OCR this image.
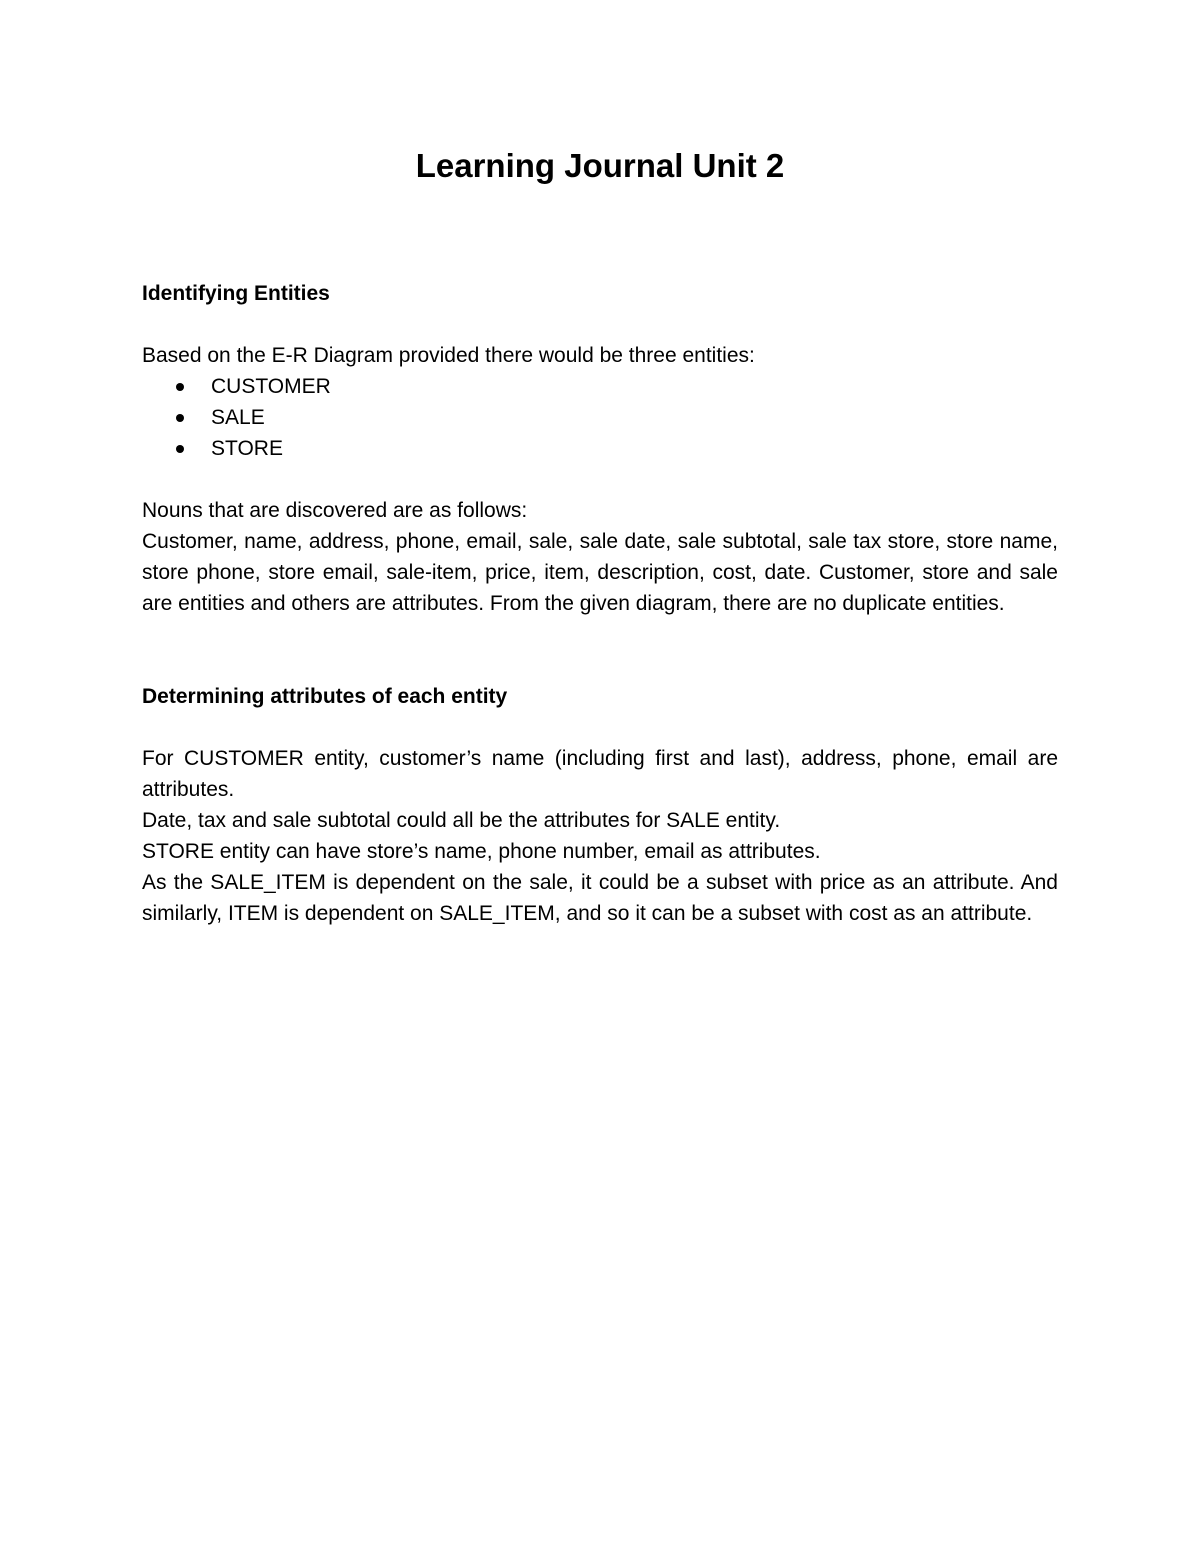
Learning Journal Unit 2

Identifying Entities

Based on the E-R Diagram provided there would be three entities:

CUSTOMER
SALE
STORE

Nouns that are discovered are as follows:

Customer, name, address, phone, email, sale, sale date, sale subtotal, sale tax store, store name, store phone, store email, sale-item, price, item, description, cost, date. Customer, store and sale are entities and others are attributes. From the given diagram, there are no duplicate entities.

Determining attributes of each entity

For CUSTOMER entity, customer’s name (including first and last), address, phone, email are attributes.

Date, tax and sale subtotal could all be the attributes for SALE entity.

STORE entity can have store’s name, phone number, email as attributes.

As the SALE_ITEM is dependent on the sale, it could be a subset with price as an attribute. And similarly, ITEM is dependent on SALE_ITEM, and so it can be a subset with cost as an attribute.
